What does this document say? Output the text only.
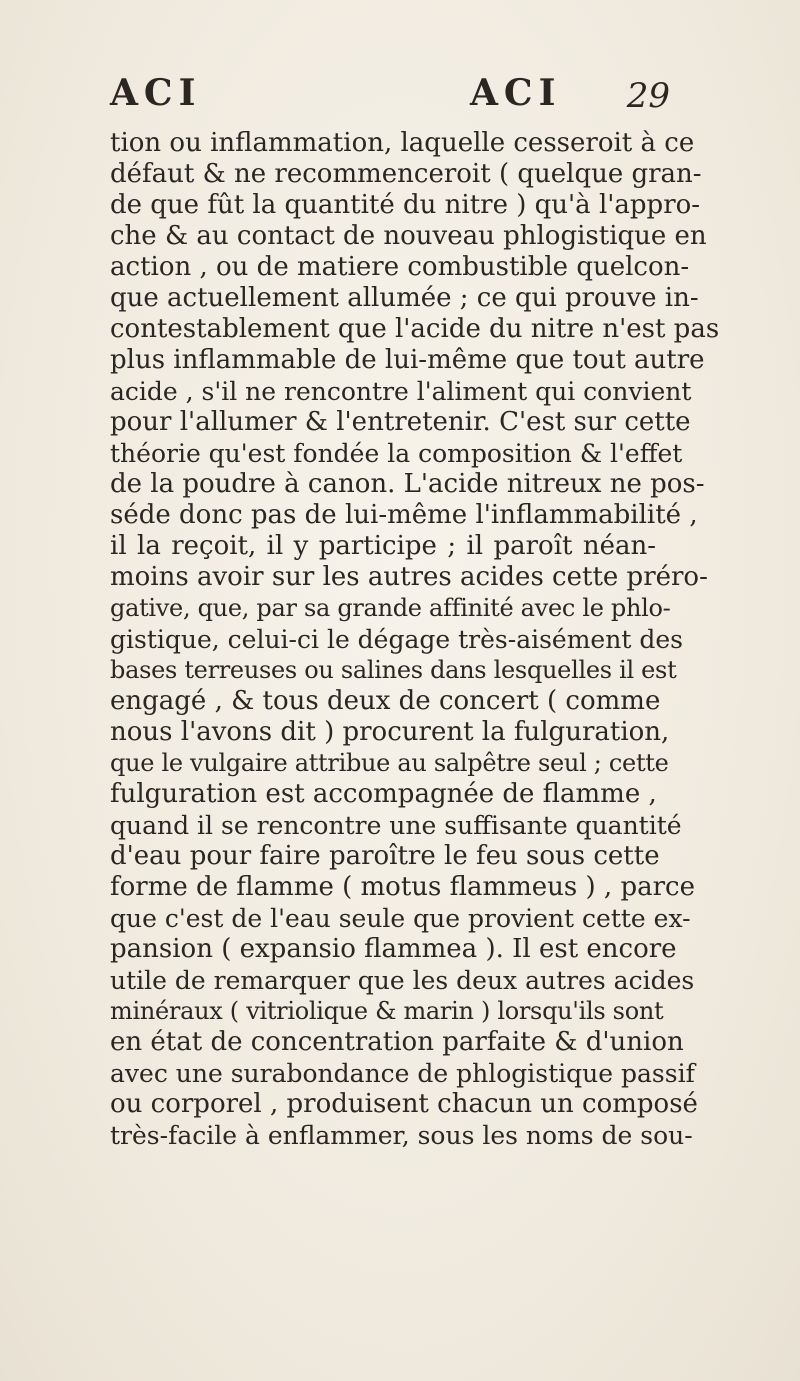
ACI	ACI 29
tion ou inflammation, laquelle cesseroit à ce
défaut & ne recommenceroit ( quelque gran-
de que fût la quantité du nitre ) qu'à l'appro-
che & au contact de nouveau phlogistique en
action , ou de matiere combustible quelcon-
que actuellement allumée ; ce qui prouve in-
contestablement que l'acide du nitre n'est pas
plus inflammable de lui-même que tout autre
acide , s'il ne rencontre l'aliment qui convient
pour l'allumer & l'entretenir. C'est sur cette
théorie qu'est fondée la composition & l'effet
de la poudre à canon. L'acide nitreux ne pos-
séde donc pas de lui-même l'inflammabilité ,
il la reçoit, il y participe ; il paroît néan-
moins avoir sur les autres acides cette préro-
gative, que, par sa grande affinité avec le phlo-
gistique, celui-ci le dégage très-aisément des
bases terreuses ou salines dans lesquelles il est
engagé , & tous deux de concert ( comme
nous l'avons dit ) procurent la fulguration,
que le vulgaire attribue au salpêtre seul ; cette
fulguration est accompagnée de flamme ,
quand il se rencontre une suffisante quantité
d'eau pour faire paroître le feu sous cette
forme de flamme ( motus flammeus ) , parce
que c'est de l'eau seule que provient cette ex-
pansion ( expansio flammea ). Il est encore
utile de remarquer que les deux autres acides
minéraux ( vitriolique & marin ) lorsqu'ils sont
en état de concentration parfaite & d'union
avec une surabondance de phlogistique passif
ou corporel , produisent chacun un composé
très-facile à enflammer, sous les noms de sou-
